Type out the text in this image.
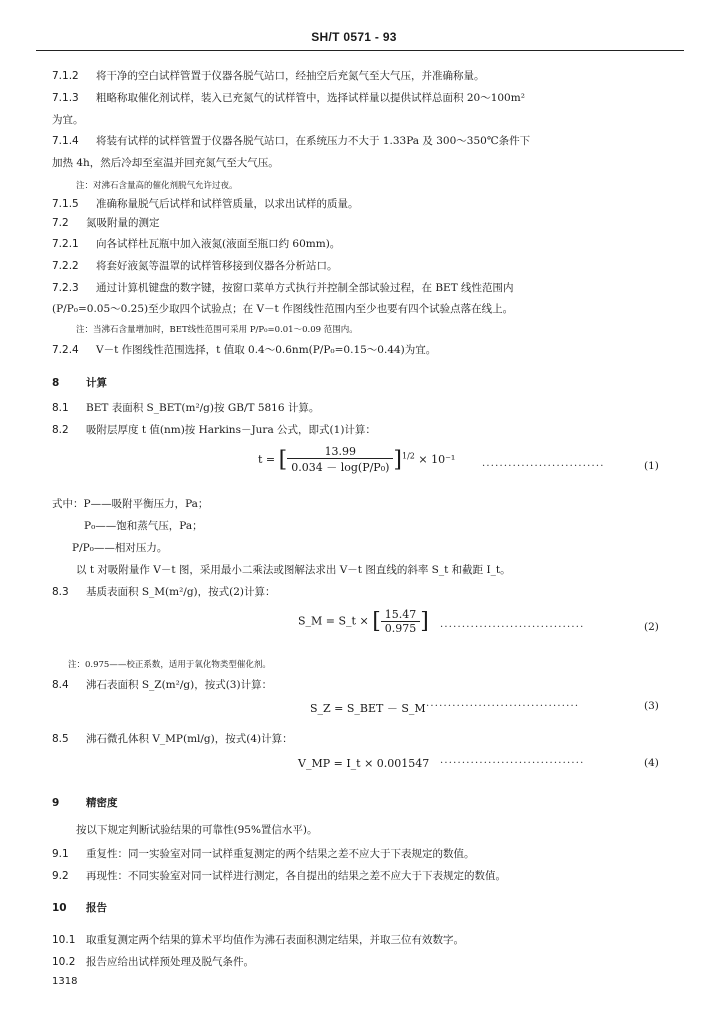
SH/T 0571 - 93
7.1.2 将干净的空白试样管置于仪器各脱气站口，经抽空后充氮气至大气压，并准确称量。
7.1.3 粗略称取催化剂试样，装入已充氮气的试样管中，选择试样量以提供试样总面积 20～100m²
为宜。
7.1.4 将装有试样的试样管置于仪器各脱气站口，在系统压力不大于 1.33Pa 及 300～350℃条件下
加热 4h，然后冷却至室温并回充氮气至大气压。
注：对沸石含量高的催化剂脱气允许过夜。
7.1.5 准确称量脱气后试样和试样管质量，以求出试样的质量。
7.2 氮吸附量的测定
7.2.1 向各试样杜瓦瓶中加入液氮(液面至瓶口约 60mm)。
7.2.2 将套好液氮等温罩的试样管移接到仪器各分析站口。
7.2.3 通过计算机键盘的数字键，按窗口菜单方式执行并控制全部试验过程，在 BET 线性范围内
(P/P₀=0.05～0.25)至少取四个试验点；在 V－t 作图线性范围内至少也要有四个试验点落在线上。
注：当沸石含量增加时，BET线性范围可采用 P/P₀=0.01～0.09 范围内。
7.2.4 V－t 作图线性范围选择，t 值取 0.4～0.6nm(P/P₀=0.15～0.44)为宜。
8	计算
8.1 BET 表面积 S_BET(m²/g)按 GB/T 5816 计算。
8.2 吸附层厚度 t 值(nm)按 Harkins－Jura 公式，即式(1)计算：
t = [ $\frac{13.99}{\text{0.034 － log(P/P₀)}} ]^{1/2} \times 10^{-1}$
····························	(1)
式中：P——吸附平衡压力，Pa；
P₀——饱和蒸气压，Pa；
P/P₀——相对压力。
以 t 对吸附量作 V－t 图，采用最小二乘法或图解法求出 V－t 图直线的斜率 S_t 和截距 I_t。
8.3 基质表面积 S_M(m²/g)，按式(2)计算：
S_M = S_t × [ $\frac{15.47}{0.975}$ ] ·································	(2)
注：0.975——校正系数，适用于氧化物类型催化剂。
8.4 沸石表面积 S_Z(m²/g)，按式(3)计算：
S_Z = S_BET － S_M ···································	(3)
8.5 沸石微孔体积 V_MP(ml/g)，按式(4)计算：
V_MP = I_t × 0.001547 ·································	(4)
9	精密度
按以下规定判断试验结果的可靠性(95%置信水平)。
9.1 重复性：同一实验室对同一试样重复测定的两个结果之差不应大于下表规定的数值。
9.2 再现性：不同实验室对同一试样进行测定，各自提出的结果之差不应大于下表规定的数值。
10 报告
10.1 取重复测定两个结果的算术平均值作为沸石表面积测定结果，并取三位有效数字。
10.2 报告应给出试样预处理及脱气条件。
1318
